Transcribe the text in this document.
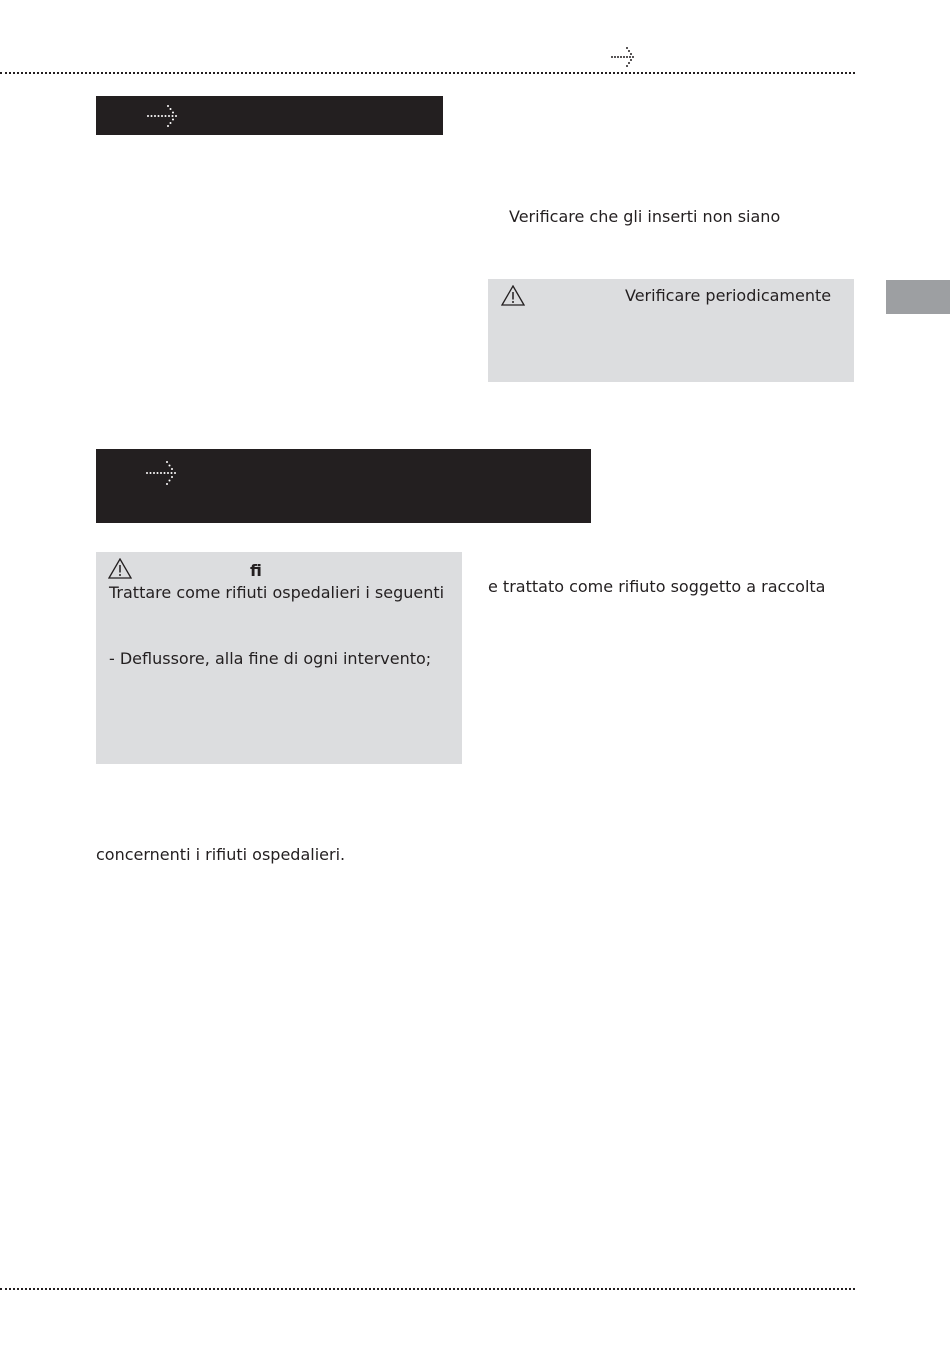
Verificare che gli inserti non siano
Verificare periodicamente
fi
Trattare come rifiuti ospedalieri i seguenti
- Deflussore, alla fine di ogni intervento;
e trattato come rifiuto soggetto a raccolta
concernenti i rifiuti ospedalieri.
